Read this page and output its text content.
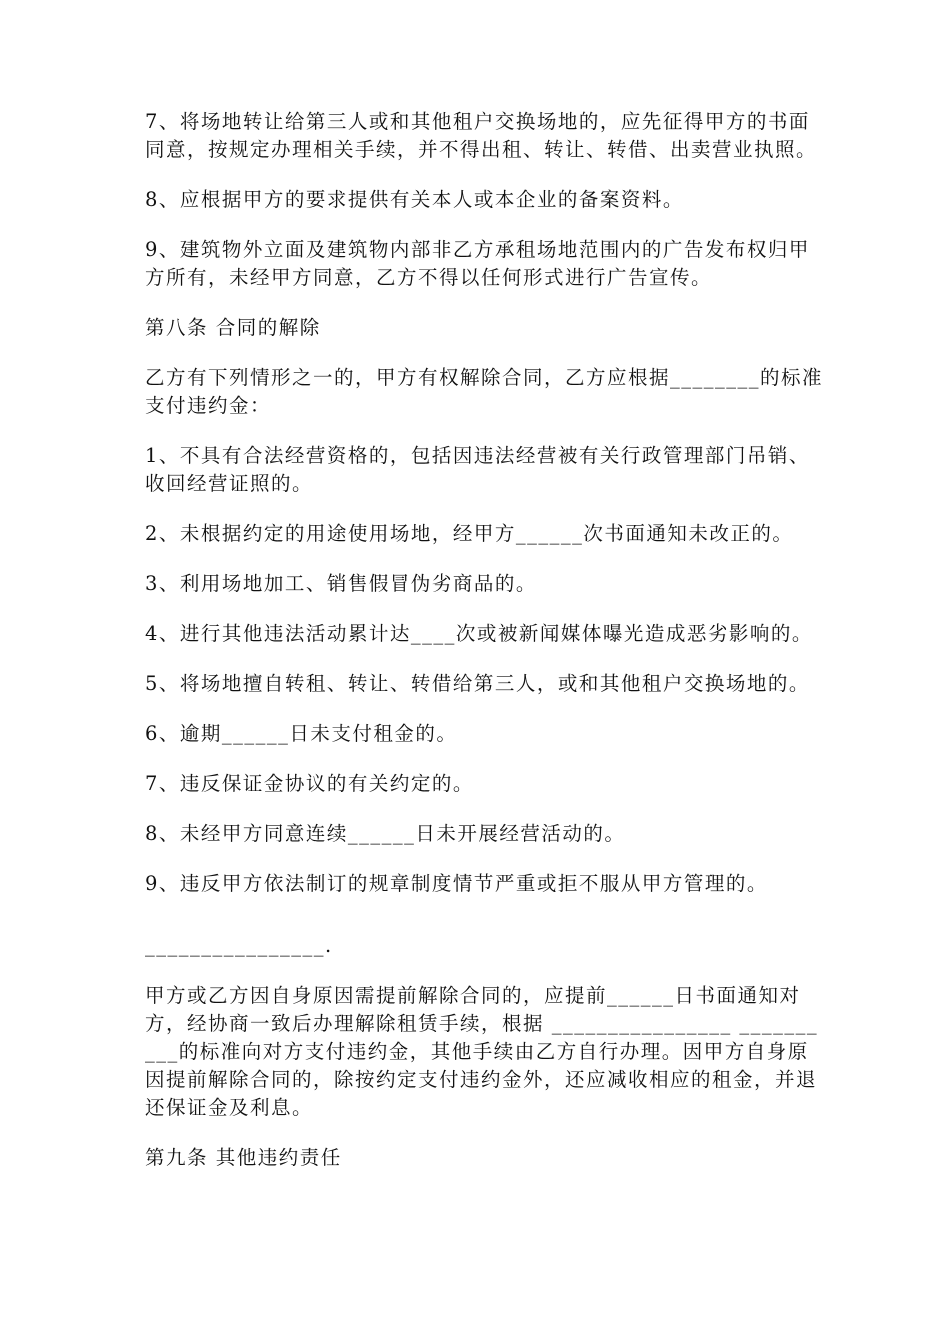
7、将场地转让给第三人或和其他租户交换场地的，应先征得甲方的书面同意，按规定办理相关手续，并不得出租、转让、转借、出卖营业执照。

8、应根据甲方的要求提供有关本人或本企业的备案资料。

9、建筑物外立面及建筑物内部非乙方承租场地范围内的广告发布权归甲方所有，未经甲方同意，乙方不得以任何形式进行广告宣传。

第八条 合同的解除

乙方有下列情形之一的，甲方有权解除合同，乙方应根据________的标准支付违约金：

1、不具有合法经营资格的，包括因违法经营被有关行政管理部门吊销、收回经营证照的。

2、未根据约定的用途使用场地，经甲方______次书面通知未改正的。

3、利用场地加工、销售假冒伪劣商品的。

4、进行其他违法活动累计达____次或被新闻媒体曝光造成恶劣影响的。

5、将场地擅自转租、转让、转借给第三人，或和其他租户交换场地的。

6、逾期______日未支付租金的。

7、违反保证金协议的有关约定的。

8、未经甲方同意连续______日未开展经营活动的。

9、违反甲方依法制订的规章制度情节严重或拒不服从甲方管理的。

________________.

甲方或乙方因自身原因需提前解除合同的，应提前______日书面通知对方，经协商一致后办理解除租赁手续，根据 ________________ __________的标准向对方支付违约金，其他手续由乙方自行办理。因甲方自身原因提前解除合同的，除按约定支付违约金外，还应减收相应的租金，并退还保证金及利息。

第九条 其他违约责任
